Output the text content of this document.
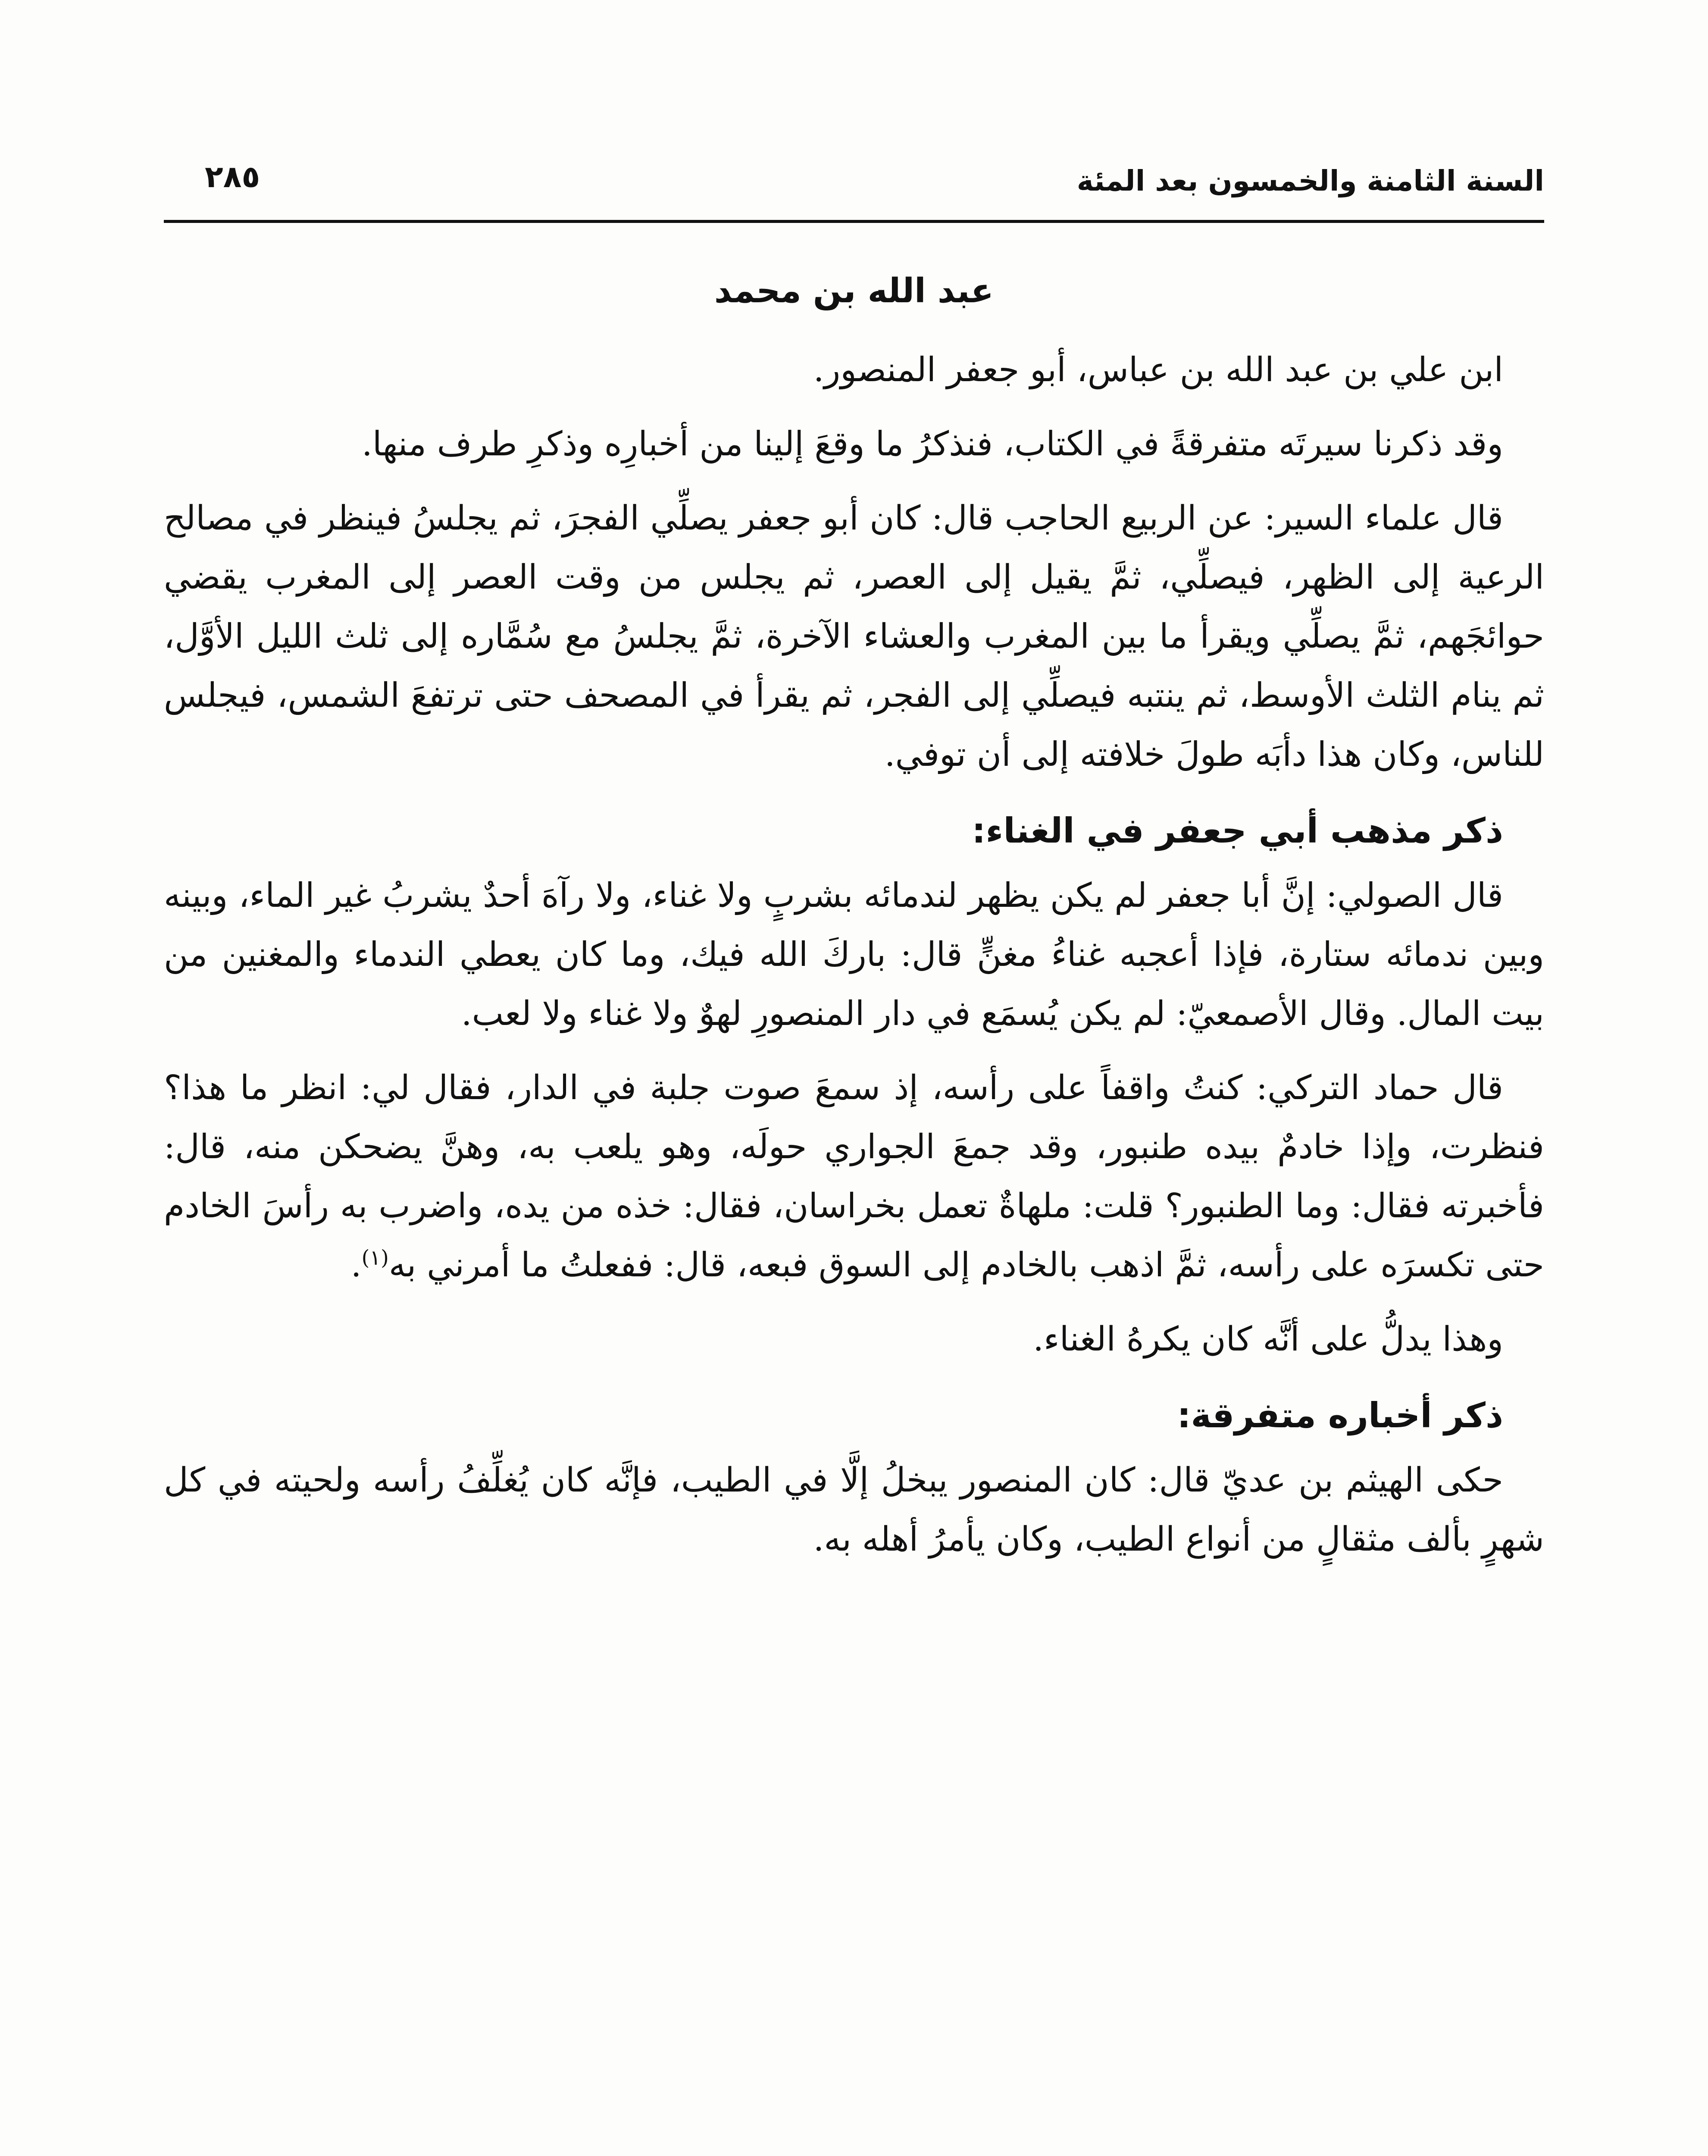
السنة الثامنة والخمسون بعد المئة
٢٨٥
عبد الله بن محمد

ابن علي بن عبد الله بن عباس، أبو جعفر المنصور.

وقد ذكرنا سيرتَه متفرقةً في الكتاب، فنذكرُ ما وقعَ إلينا من أخبارِه وذكرِ طرف منها.

قال علماء السير: عن الربيع الحاجب قال: كان أبو جعفر يصلِّي الفجرَ، ثم يجلسُ فينظر في مصالح الرعية إلى الظهر، فيصلِّي، ثمَّ يقيل إلى العصر، ثم يجلس من وقت العصر إلى المغرب يقضي حوائجَهم، ثمَّ يصلِّي ويقرأ ما بين المغرب والعشاء الآخرة، ثمَّ يجلسُ مع سُمَّاره إلى ثلث الليل الأوَّل، ثم ينام الثلث الأوسط، ثم ينتبه فيصلِّي إلى الفجر، ثم يقرأ في المصحف حتى ترتفعَ الشمس، فيجلس للناس، وكان هذا دأبَه طولَ خلافته إلى أن توفي.

ذكر مذهب أبي جعفر في الغناء:

قال الصولي: إنَّ أبا جعفر لم يكن يظهر لندمائه بشربٍ ولا غناء، ولا رآهَ أحدٌ يشربُ غير الماء، وبينه وبين ندمائه ستارة، فإذا أعجبه غناءُ مغنٍّ قال: باركَ الله فيك، وما كان يعطي الندماء والمغنين من بيت المال. وقال الأصمعيّ: لم يكن يُسمَع في دار المنصورِ لهوٌ ولا غناء ولا لعب.

قال حماد التركي: كنتُ واقفاً على رأسه، إذ سمعَ صوت جلبة في الدار، فقال لي: انظر ما هذا؟ فنظرت، وإذا خادمٌ بيده طنبور، وقد جمعَ الجواري حولَه، وهو يلعب به، وهنَّ يضحكن منه، قال: فأخبرته فقال: وما الطنبور؟ قلت: ملهاةٌ تعمل بخراسان، فقال: خذه من يده، واضرب به رأسَ الخادم حتى تكسرَه على رأسه، ثمَّ اذهب بالخادم إلى السوق فبعه، قال: ففعلتُ ما أمرني به$^{(١)}$.

وهذا يدلُّ على أنَّه كان يكرهُ الغناء.

ذكر أخباره متفرقة:

حكى الهيثم بن عديّ قال: كان المنصور يبخلُ إلَّا في الطيب، فإنَّه كان يُغلِّفُ رأسه ولحيته في كل شهرٍ بألف مثقالٍ من أنواع الطيب، وكان يأمرُ أهله به.
